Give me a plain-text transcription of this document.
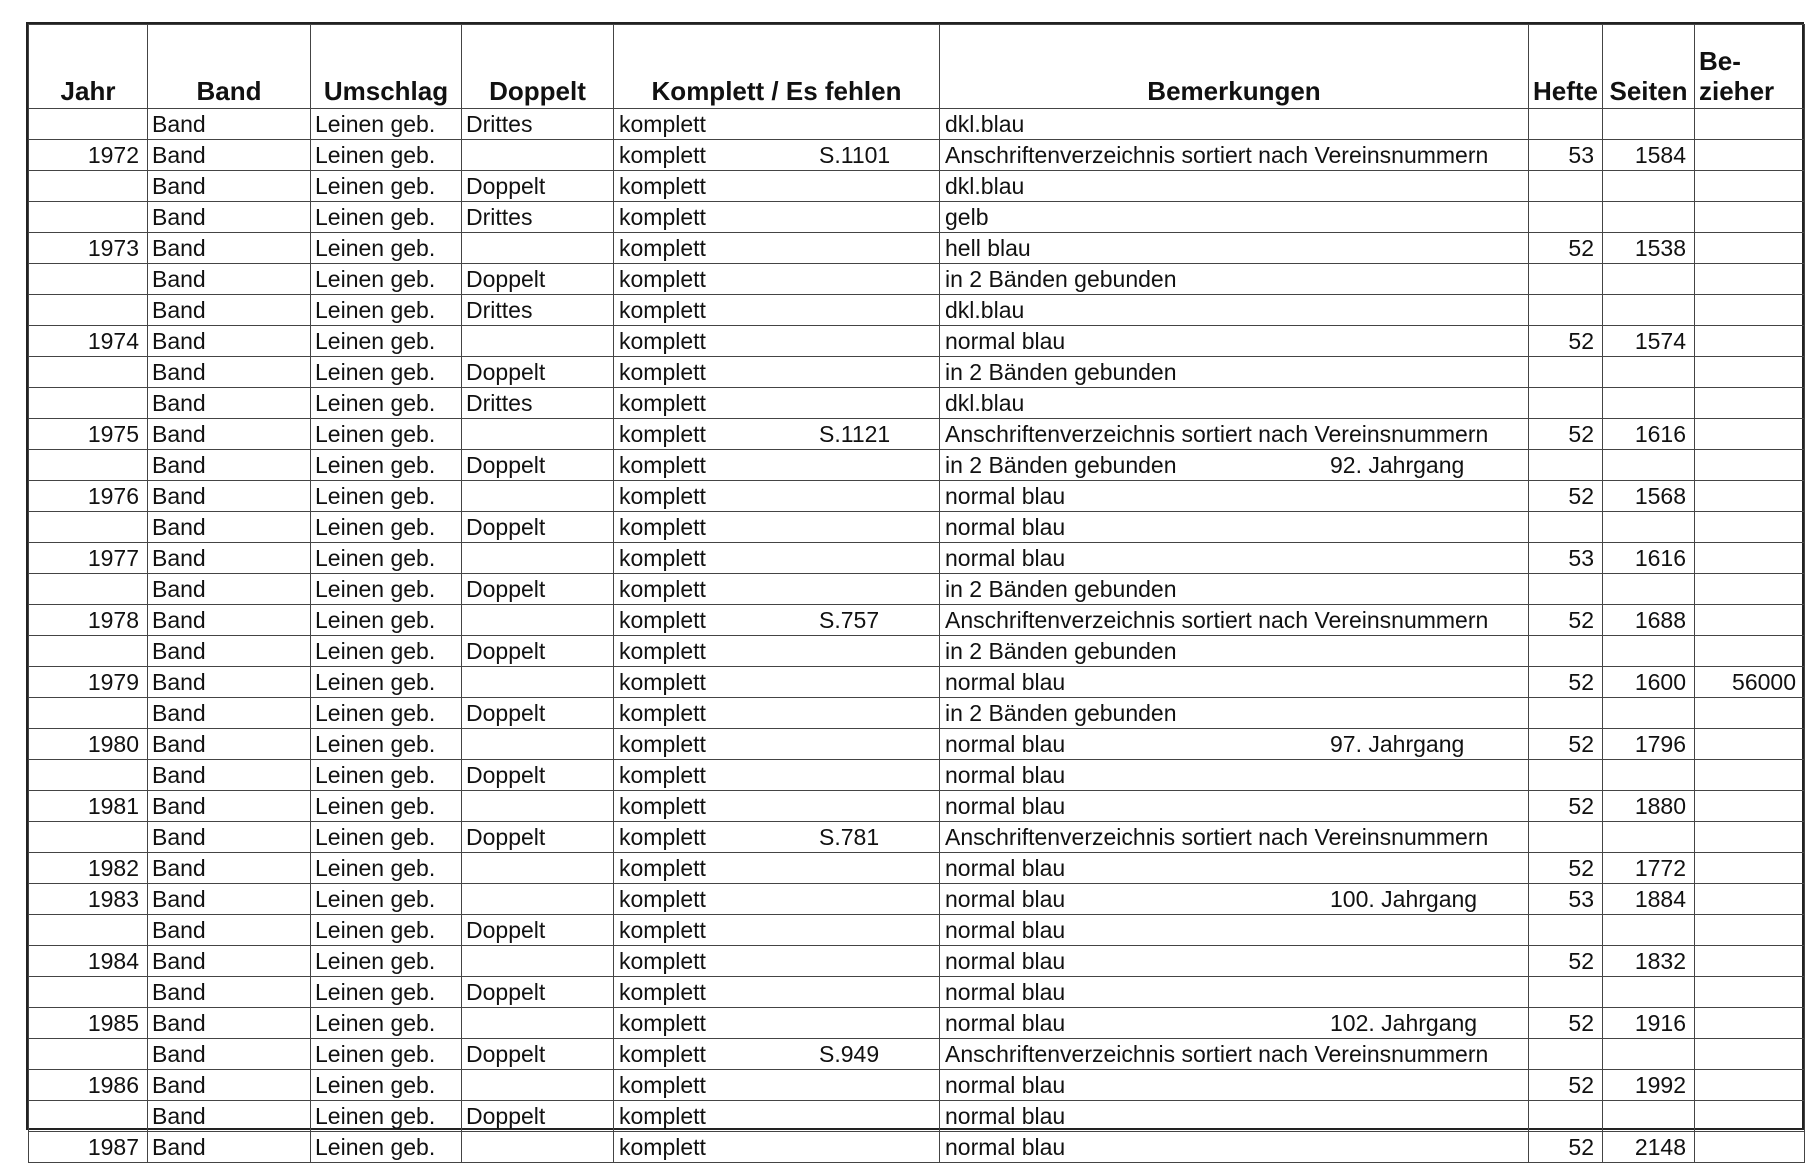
Jahr	Band	Umschlag	Doppelt	Komplett / Es fehlen	Bemerkungen	Hefte	Seiten	Be-
zieher
	Band	Leinen geb.	Drittes	komplett	dkl.blau			

1972	Band	Leinen geb.		komplett S.1101	Anschriftenverzeichnis sortiert nach Vereinsnummern	53	1584	
	Band	Leinen geb.	Doppelt	komplett	dkl.blau			

	Band	Leinen geb.	Drittes	komplett	gelb			

1973	Band	Leinen geb.		komplett	hell blau	52	1538	
	Band	Leinen geb.	Doppelt	komplett	in 2 Bänden gebunden			

	Band	Leinen geb.	Drittes	komplett	dkl.blau			

1974	Band	Leinen geb.		komplett	normal blau	52	1574	
	Band	Leinen geb.	Doppelt	komplett	in 2 Bänden gebunden			

	Band	Leinen geb.	Drittes	komplett	dkl.blau			

1975	Band	Leinen geb.		komplett S.1121	Anschriftenverzeichnis sortiert nach Vereinsnummern	52	1616	
	Band	Leinen geb.	Doppelt	komplett	in 2 Bänden gebunden 92. Jahrgang			

1976	Band	Leinen geb.		komplett	normal blau	52	1568	
	Band	Leinen geb.	Doppelt	komplett	normal blau			

1977	Band	Leinen geb.		komplett	normal blau	53	1616	
	Band	Leinen geb.	Doppelt	komplett	in 2 Bänden gebunden			

1978	Band	Leinen geb.		komplett S.757	Anschriftenverzeichnis sortiert nach Vereinsnummern	52	1688	
	Band	Leinen geb.	Doppelt	komplett	in 2 Bänden gebunden			

1979	Band	Leinen geb.		komplett	normal blau	52	1600	56000
	Band	Leinen geb.	Doppelt	komplett	in 2 Bänden gebunden			

1980	Band	Leinen geb.		komplett	normal blau 97. Jahrgang	52	1796	
	Band	Leinen geb.	Doppelt	komplett	normal blau			

1981	Band	Leinen geb.		komplett	normal blau	52	1880	
	Band	Leinen geb.	Doppelt	komplett S.781	Anschriftenverzeichnis sortiert nach Vereinsnummern			

1982	Band	Leinen geb.		komplett	normal blau	52	1772	
1983	Band	Leinen geb.		komplett	normal blau 100. Jahrgang	53	1884	
	Band	Leinen geb.	Doppelt	komplett	normal blau			

1984	Band	Leinen geb.		komplett	normal blau	52	1832	
	Band	Leinen geb.	Doppelt	komplett	normal blau			

1985	Band	Leinen geb.		komplett	normal blau 102. Jahrgang	52	1916	
	Band	Leinen geb.	Doppelt	komplett S.949	Anschriftenverzeichnis sortiert nach Vereinsnummern			

1986	Band	Leinen geb.		komplett	normal blau	52	1992	
	Band	Leinen geb.	Doppelt	komplett	normal blau			

1987	Band	Leinen geb.		komplett	normal blau	52	2148	
